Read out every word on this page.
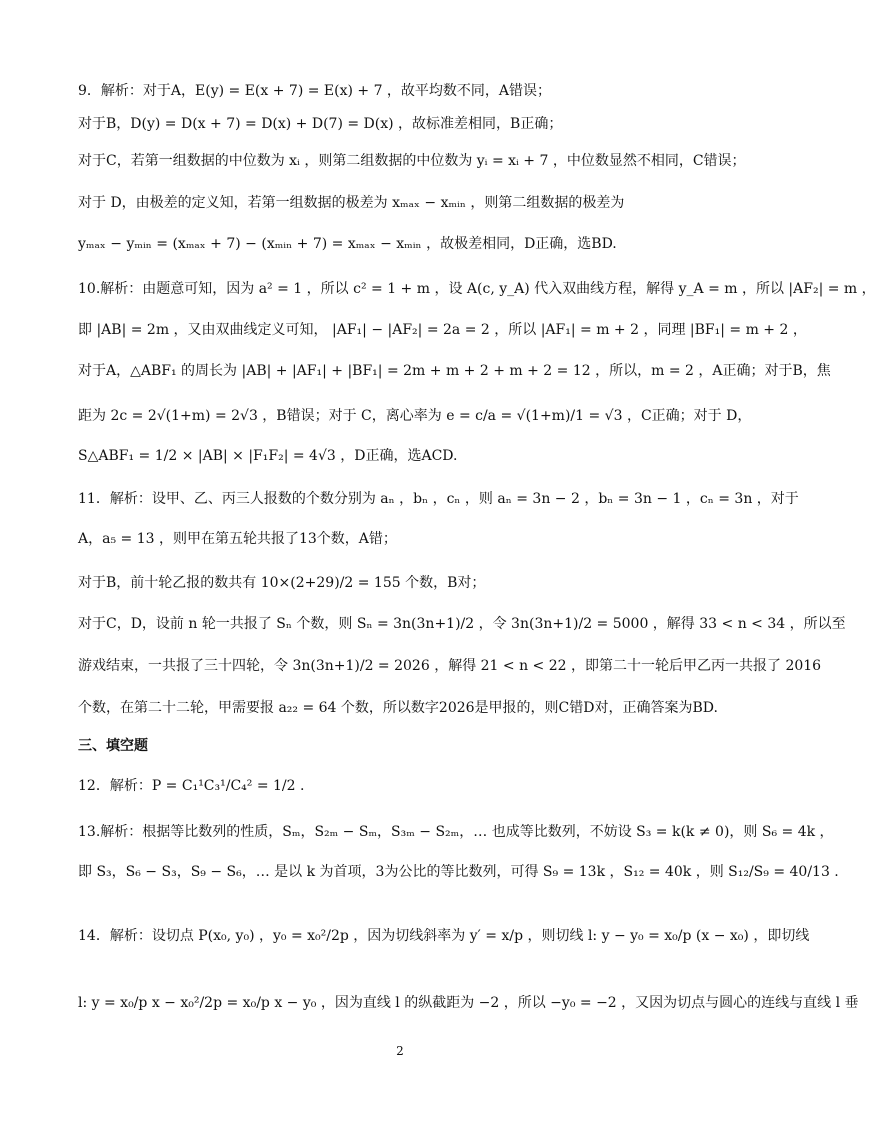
9．解析：对于A，E(y) = E(x + 7) = E(x) + 7 ，故平均数不同，A错误；
对于B，D(y) = D(x + 7) = D(x) + D(7) = D(x) ，故标准差相同，B正确；
对于C，若第一组数据的中位数为 xᵢ ，则第二组数据的中位数为 yᵢ = xᵢ + 7 ，中位数显然不相同，C错误；
对于 D，由极差的定义知，若第一组数据的极差为 xₘₐₓ − xₘᵢₙ ，则第二组数据的极差为
yₘₐₓ − yₘᵢₙ = (xₘₐₓ + 7) − (xₘᵢₙ + 7) = xₘₐₓ − xₘᵢₙ ，故极差相同，D正确，选BD.
10.解析：由题意可知，因为 a² = 1 ，所以 c² = 1 + m ，设 A(c, y_A) 代入双曲线方程，解得 y_A = m ，所以 |AF₂| = m ，
即 |AB| = 2m ，又由双曲线定义可知， |AF₁| − |AF₂| = 2a = 2 ，所以 |AF₁| = m + 2 ，同理 |BF₁| = m + 2 ，
对于A，△ABF₁ 的周长为 |AB| + |AF₁| + |BF₁| = 2m + m + 2 + m + 2 = 12 ，所以，m = 2 ，A正确；对于B，焦
距为 2c = 2√(1+m) = 2√3 ，B错误；对于 C，离心率为 e = c/a = √(1+m)/1 = √3 ，C正确；对于 D，
S△ABF₁ = 1/2 × |AB| × |F₁F₂| = 4√3 ，D正确，选ACD.
11．解析：设甲、乙、丙三人报数的个数分别为 aₙ ，bₙ ，cₙ ，则 aₙ = 3n − 2 ，bₙ = 3n − 1 ，cₙ = 3n ，对于
A，a₅ = 13 ，则甲在第五轮共报了13个数，A错；
对于B，前十轮乙报的数共有 10×(2+29)/2 = 155 个数，B对；
对于C，D，设前 n 轮一共报了 Sₙ 个数，则 Sₙ = 3n(3n+1)/2 ，令 3n(3n+1)/2 = 5000 ，解得 33 < n < 34 ，所以至
游戏结束，一共报了三十四轮，令 3n(3n+1)/2 = 2026 ，解得 21 < n < 22 ，即第二十一轮后甲乙丙一共报了 2016
个数，在第二十二轮，甲需要报 a₂₂ = 64 个数，所以数字2026是甲报的，则C错D对，正确答案为BD.
三、填空题
12．解析：P = C₁¹C₃¹/C₄² = 1/2 .
13.解析：根据等比数列的性质，Sₘ，S₂ₘ − Sₘ，S₃ₘ − S₂ₘ，… 也成等比数列，不妨设 S₃ = k(k ≠ 0)，则 S₆ = 4k ，
即 S₃，S₆ − S₃，S₉ − S₆，… 是以 k 为首项，3为公比的等比数列，可得 S₉ = 13k ，S₁₂ = 40k ，则 S₁₂/S₉ = 40/13 .
14．解析：设切点 P(x₀, y₀) ，y₀ = x₀²/2p ，因为切线斜率为 y′ = x/p ，则切线 l: y − y₀ = x₀/p (x − x₀) ，即切线
l: y = x₀/p x − x₀²/2p = x₀/p x − y₀ ，因为直线 l 的纵截距为 −2 ，所以 −y₀ = −2 ，又因为切点与圆心的连线与直线 l 垂
2
